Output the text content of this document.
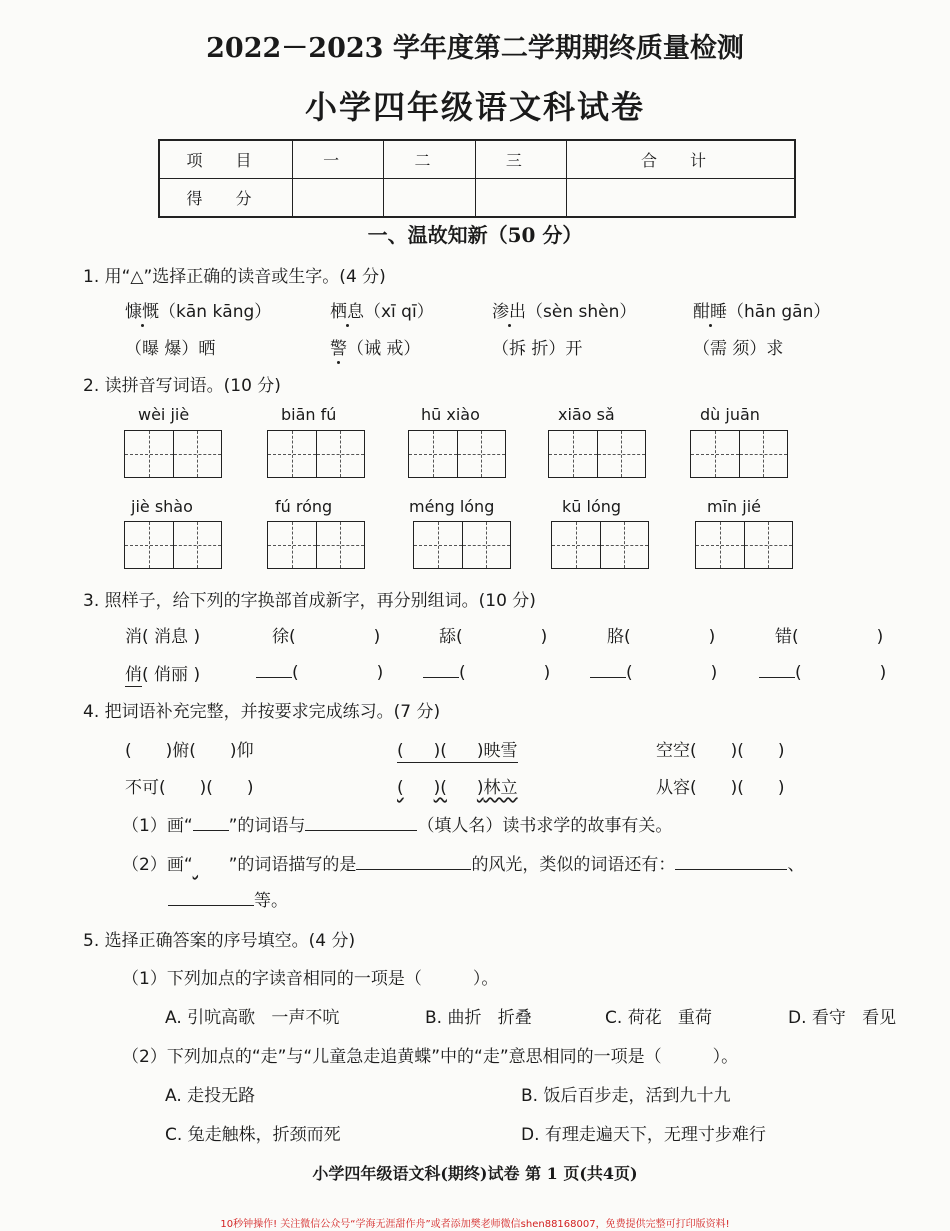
2022－2023 学年度第二学期期终质量检测
小学四年级语文科试卷
项 目	一	二	三	合 计
得 分				
一、温故知新（50 分）
1. 用“△”选择正确的读音或生字。(4 分)
慷慨（kān kāng）	栖息（xī qī）	渗出（sèn shèn）	酣睡（hān gān）
（曝 爆）晒	警（诫 戒）	（拆 折）开	（需 须）求
2. 读拼音写词语。(10 分)
wèi jiè	biān fú	hū xiào	xiāo sǎ	dù juān
jiè shào	fú róng	méng lóng	kū lóng	mīn jié
3. 照样子，给下列的字换部首成新字，再分别组词。(10 分)
消( 消息 )	徐(	)	舔(	)	胳(	)	错(	)
俏( 俏丽 )	(	)	(	)	(	)	(	)
4. 把词语补充完整，并按要求完成练习。(7 分)
( )俯( )仰	( )( )映雪	空空( )( )
不可( )( )	( )( )林立	从容( )( )
（1）画“ ”的词语与	（填人名）读书求学的故事有关。
（2）画“ ”的词语描写的是	的风光，类似的词语还有：	、
等。
5. 选择正确答案的序号填空。(4 分)
（1）下列加点的字读音相同的一项是（　　　）。
A. 引吭高歌 一声不吭	B. 曲折 折叠	C. 荷花 重荷	D. 看守 看见
（2）下列加点的“走”与“儿童急走追黄蝶”中的“走”意思相同的一项是（　　　）。
A. 走投无路	B. 饭后百步走，活到九十九
C. 兔走触株，折颈而死	D. 有理走遍天下，无理寸步难行
小学四年级语文科(期终)试卷 第 1 页(共4页)
10秒钟操作! 关注微信公众号“学海无涯甜作舟”或者添加樊老师微信shen88168007，免费提供完整可打印版资料!
